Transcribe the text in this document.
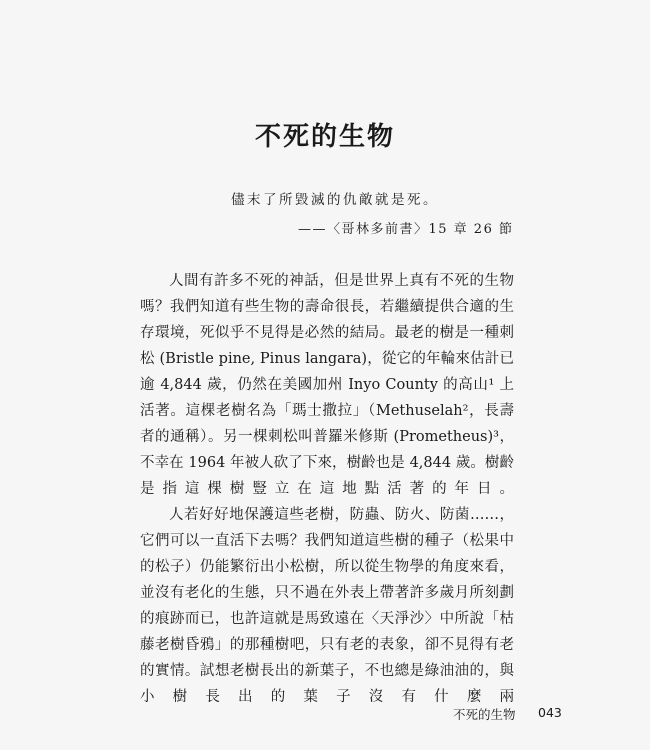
不死的生物
儘末了所毀滅的仇敵就是死。
——〈哥林多前書〉15 章 26 節

人間有許多不死的神話，但是世界上真有不死的生物嗎？我們知道有些生物的壽命很長，若繼續提供合適的生存環境，死似乎不見得是必然的結局。最老的樹是一種刺松 (Bristle pine, Pinus langara)，從它的年輪來估計已逾 4,844 歲，仍然在美國加州 Inyo County 的高山¹ 上活著。這棵老樹名為「瑪士撒拉」（Methuselah²，長壽者的通稱）。另一棵刺松叫普羅米修斯 (Prometheus)³，不幸在 1964 年被人砍了下來，樹齡也是 4,844 歲。樹齡是指這棵樹豎立在這地點活著的年日。

人若好好地保護這些老樹，防蟲、防火、防菌……，它們可以一直活下去嗎？我們知道這些樹的種子（松果中的松子）仍能繁衍出小松樹，所以從生物學的角度來看，並沒有老化的生態，只不過在外表上帶著許多歲月所刻劃的痕跡而已，也許這就是馬致遠在〈天淨沙〉中所說「枯藤老樹昏鴉」的那種樹吧，只有老的表象，卻不見得有老的實情。試想老樹長出的新葉子，不也總是綠油油的，與小樹長出的葉子沒有什麼兩

不死的生物 043
